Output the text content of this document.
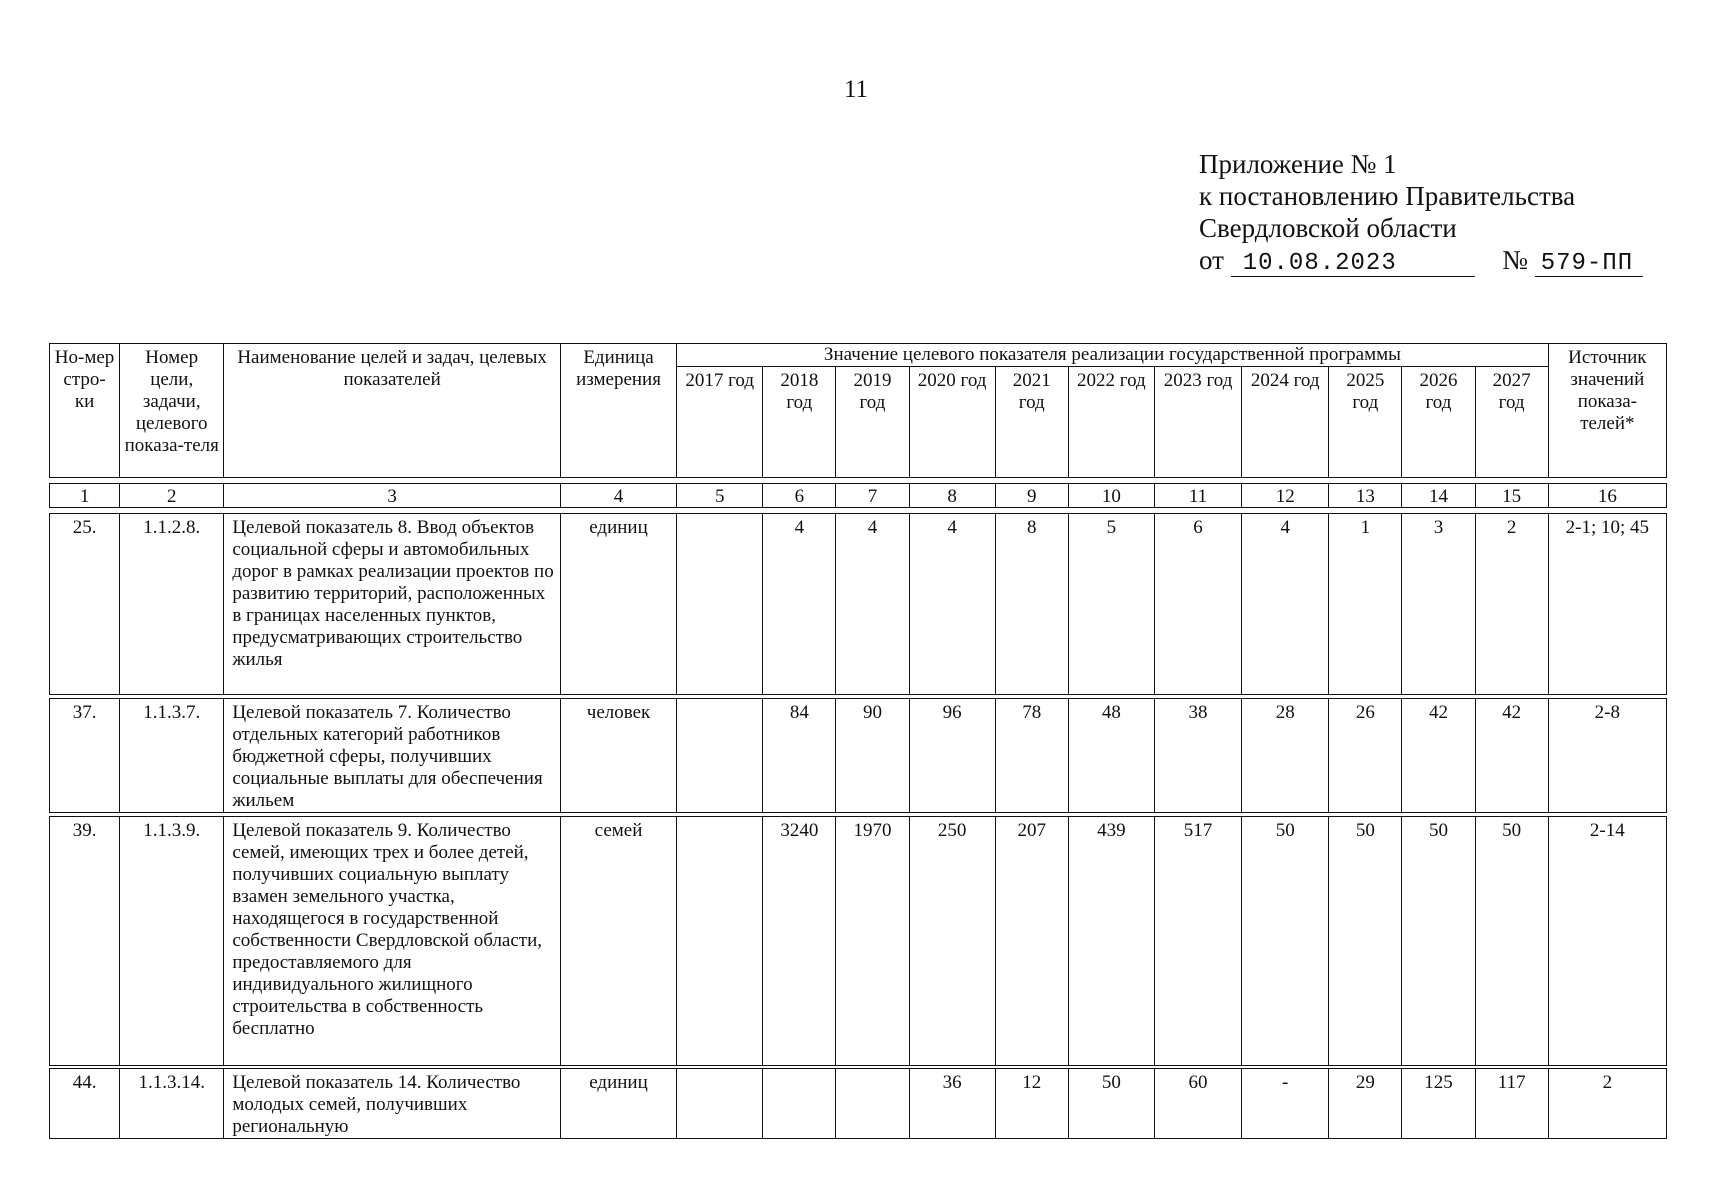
11
Приложение № 1
к постановлению Правительства
Свердловской области
от 10.08.2023	№ 579-ПП
Но-мер стро-ки	Номер цели, задачи, целевого показа-теля	Наименование целей и задач, целевых показателей	Единица измерения	Значение целевого показателя реализации государственной программы											Источник значений показа-телей*
				2017 год	2018 год	2019 год	2020 год	2021 год	2022 год	2023 год	2024 год	2025 год	2026 год	2027 год	
1	2	3	4	5	6	7	8	9	10	11	12	13	14	15	16
25.	1.1.2.8.	Целевой показатель 8. Ввод объектов социальной сферы и автомобильных дорог в рамках реализации проектов по развитию территорий, расположенных в границах населенных пунктов, предусматривающих строительство жилья	единиц		4	4	4	8	5	6	4	1	3	2	2-1; 10; 45
37.	1.1.3.7.	Целевой показатель 7. Количество отдельных категорий работников бюджетной сферы, получивших социальные выплаты для обеспечения жильем	человек		84	90	96	78	48	38	28	26	42	42	2-8
39.	1.1.3.9.	Целевой показатель 9. Количество семей, имеющих трех и более детей, получивших социальную выплату взамен земельного участка, находящегося в государственной собственности Свердловской области, предоставляемого для индивидуального жилищного строительства в собственность бесплатно	семей		3240	1970	250	207	439	517	50	50	50	50	2-14
44.	1.1.3.14.	Целевой показатель 14. Количество молодых семей, получивших региональную	единиц				36	12	50	60	-	29	125	117	2
